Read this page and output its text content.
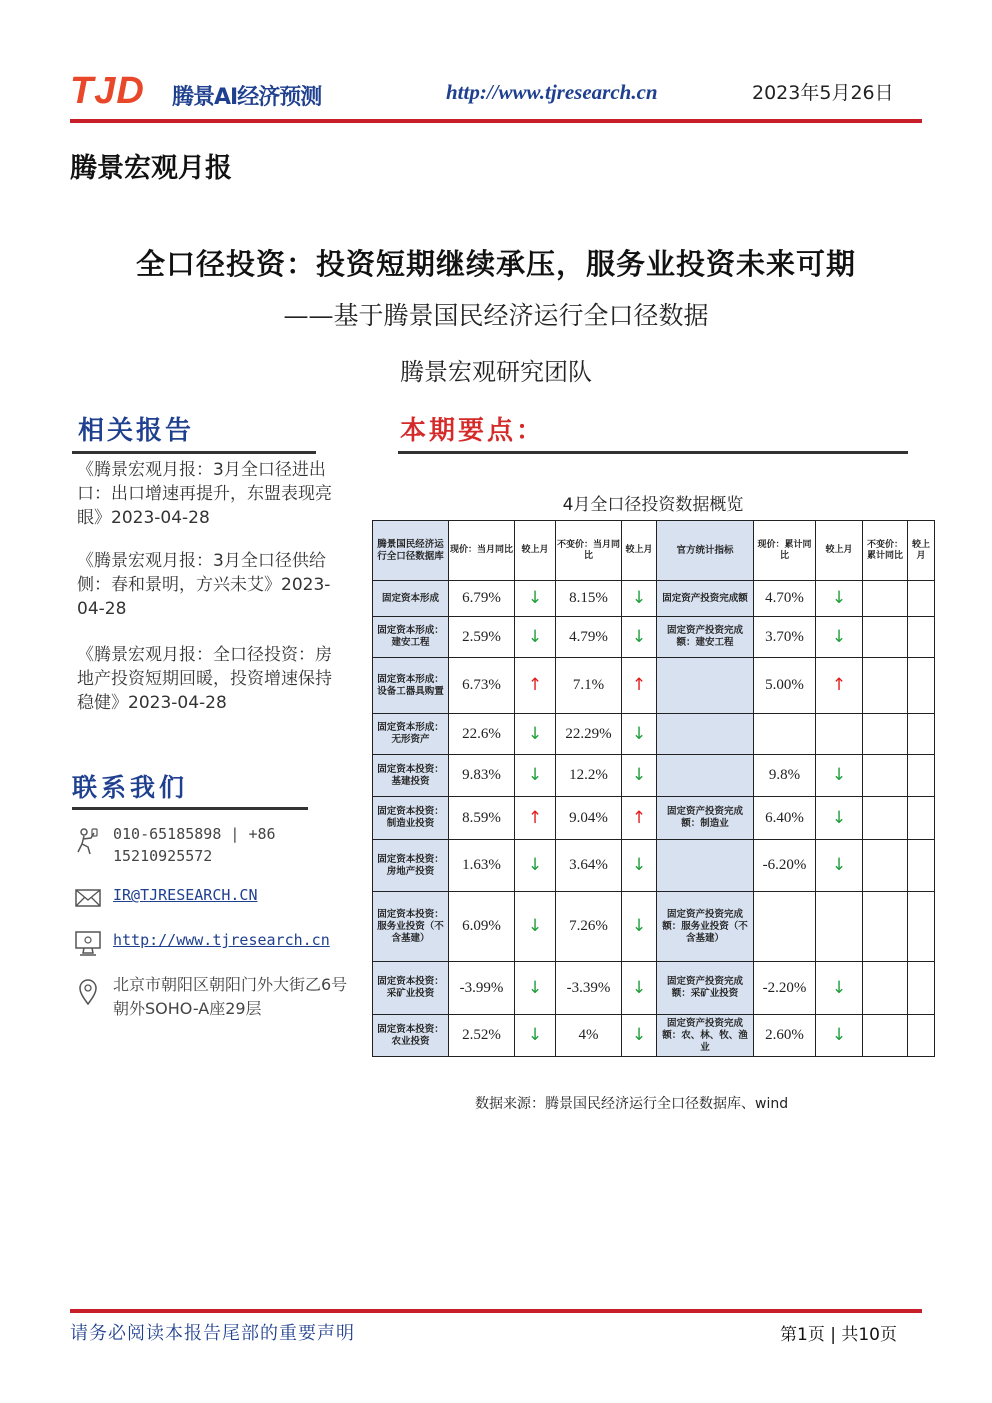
TJD 腾景AI经济预测	http://www.tjresearch.cn	2023年5月26日
腾景宏观月报
全口径投资：投资短期继续承压，服务业投资未来可期
——基于腾景国民经济运行全口径数据
腾景宏观研究团队
相关报告
《腾景宏观月报：3月全口径进出口：出口增速再提升，东盟表现亮眼》2023-04-28
《腾景宏观月报：3月全口径供给侧：春和景明，方兴未艾》2023-04-28
《腾景宏观月报：全口径投资：房地产投资短期回暖，投资增速保持稳健》2023-04-28
联系我们
010-65185898 | +86 15210925572
IR@TJRESEARCH.CN
http://www.tjresearch.cn
北京市朝阳区朝阳门外大街乙6号朝外SOHO-A座29层
本期要点：
4月全口径投资数据概览
腾景国民经济运行全口径数据库	现价：当月同比	较上月	不变价：当月同比	较上月	官方统计指标	现价：累计同比	较上月	不变价：累计同比	较上月
固定资本形成	6.79%	↓	8.15%	↓	固定资产投资完成额	4.70%	↓		
固定资本形成：建安工程	2.59%	↓	4.79%	↓	固定资产投资完成额：建安工程	3.70%	↓		
固定资本形成：设备工器具购置	6.73%	↑	7.1%	↑		5.00%	↑		
固定资本形成：无形资产	22.6%	↓	22.29%	↓					
固定资本投资：基建投资	9.83%	↓	12.2%	↓		9.8%	↓		
固定资本投资：制造业投资	8.59%	↑	9.04%	↑	固定资产投资完成额：制造业	6.40%	↓		
固定资本投资：房地产投资	1.63%	↓	3.64%	↓		-6.20%	↓		
固定资本投资：服务业投资（不含基建）	6.09%	↓	7.26%	↓	固定资产投资完成额：服务业投资（不含基建）				
固定资本投资：采矿业投资	-3.99%	↓	-3.39%	↓	固定资产投资完成额：采矿业投资	-2.20%	↓		
固定资本投资：农业投资	2.52%	↓	4%	↓	固定资产投资完成额：农、林、牧、渔业	2.60%	↓		
数据来源：腾景国民经济运行全口径数据库、wind
请务必阅读本报告尾部的重要声明	第1页 | 共10页
